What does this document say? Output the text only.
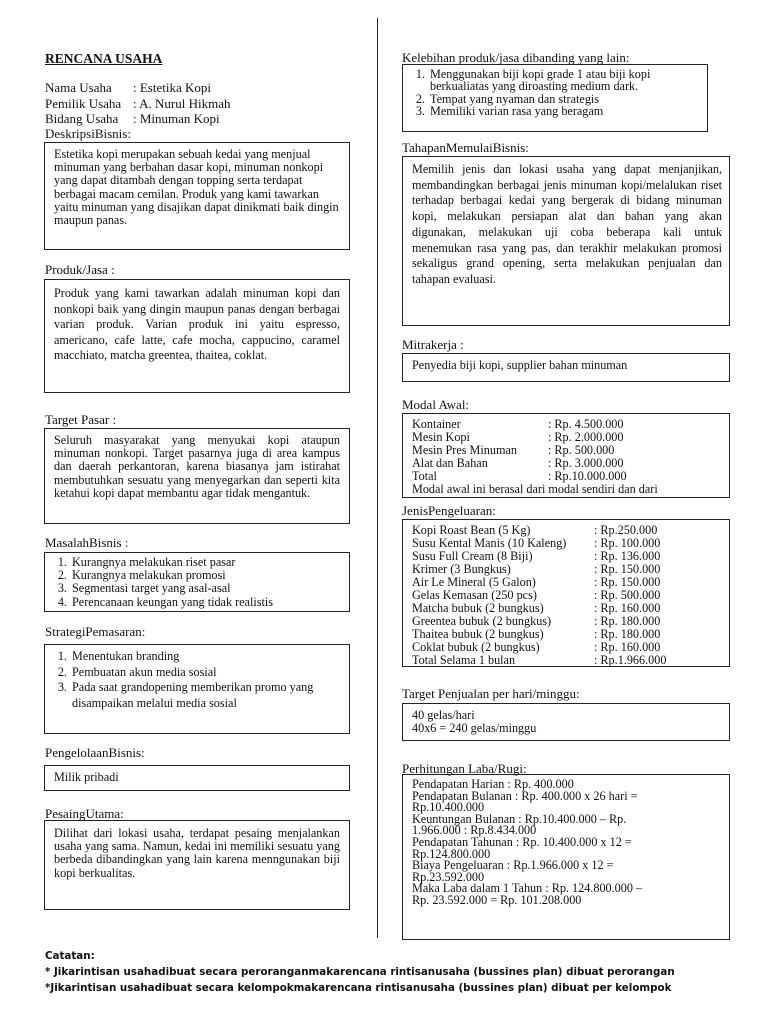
RENCANA USAHA
Nama Usaha : Estetika Kopi
Pemilik Usaha : A. Nurul Hikmah
Bidang Usaha : Minuman Kopi
DeskripsiBisnis:
Estetika kopi merupakan sebuah kedai yang menjual minuman yang berbahan dasar kopi, minuman nonkopi yang dapat ditambah dengan topping serta terdapat berbagai macam cemilan. Produk yang kami tawarkan yaitu minuman yang disajikan dapat dinikmati baik dingin maupun panas.
Produk/Jasa :
Produk yang kami tawarkan adalah minuman kopi dan nonkopi baik yang dingin maupun panas dengan berbagai varian produk. Varian produk ini yaitu espresso, americano, cafe latte, cafe mocha, cappucino, caramel macchiato, matcha greentea, thaitea, coklat.
Target Pasar :
Seluruh masyarakat yang menyukai kopi ataupun minuman nonkopi. Target pasarnya juga di area kampus dan daerah perkantoran, karena biasanya jam istirahat membutuhkan sesuatu yang menyegarkan dan seperti kita ketahui kopi dapat membantu agar tidak mengantuk.
MasalahBisnis :
1. Kurangnya melakukan riset pasar
2. Kurangnya melakukan promosi
3. Segmentasi target yang asal-asal
4. Perencanaan keungan yang tidak realistis
StrategiPemasaran:
1. Menentukan branding
2. Pembuatan akun media sosial
3. Pada saat grandopening memberikan promo yang disampaikan melalui media sosial
PengelolaanBisnis:
Milik pribadi
PesaingUtama:
Dilihat dari lokasi usaha, terdapat pesaing menjalankan usaha yang sama. Namun, kedai ini memiliki sesuatu yang berbeda dibandingkan yang lain karena menngunakan biji kopi berkualitas.
Kelebihan produk/jasa dibanding yang lain:
1. Menggunakan biji kopi grade 1 atau biji kopi berkualiatas yang diroasting medium dark.
2. Tempat yang nyaman dan strategis
3. Memiliki varian rasa yang beragam
TahapanMemulaiBisnis:
Memilih jenis dan lokasi usaha yang dapat menjanjikan, membandingkan berbagai jenis minuman kopi/melalukan riset terhadap berbagai kedai yang bergerak di bidang minuman kopi, melakukan persiapan alat dan bahan yang akan digunakan, melakukan uji coba beberapa kali untuk menemukan rasa yang pas, dan terakhir melakukan promosi sekaligus grand opening, serta melakukan penjualan dan tahapan evaluasi.
Mitrakerja :
Penyedia biji kopi, supplier bahan minuman
Modal Awal:
Kontainer	: Rp. 4.500.000
Mesin Kopi	: Rp. 2.000.000
Mesin Pres Minuman	: Rp. 500.000
Alat dan Bahan	: Rp. 3.000.000
Total	: Rp.10.000.000
Modal awal ini berasal dari modal sendiri dan dari
JenisPengeluaran:
Kopi Roast Bean (5 Kg)	: Rp.250.000
Susu Kental Manis (10 Kaleng)	: Rp. 100.000
Susu Full Cream (8 Biji)	: Rp. 136.000
Krimer (3 Bungkus)	: Rp. 150.000
Air Le Mineral (5 Galon)	: Rp. 150.000
Gelas Kemasan (250 pcs)	: Rp. 500.000
Matcha bubuk (2 bungkus)	: Rp. 160.000
Greentea bubuk (2 bungkus)	: Rp. 180.000
Thaitea bubuk (2 bungkus)	: Rp. 180.000
Coklat bubuk (2 bungkus)	: Rp. 160.000
Total Selama 1 bulan	: Rp.1.966.000
Target Penjualan per hari/minggu:
40 gelas/hari
40x6 = 240 gelas/minggu
Perhitungan Laba/Rugi:
Pendapatan Harian : Rp. 400.000
Pendapatan Bulanan : Rp. 400.000 x 26 hari =
Rp.10.400.000
Keuntungan Bulanan : Rp.10.400.000 – Rp.
1.966.000 : Rp.8.434.000
Pendapatan Tahunan : Rp. 10.400.000 x 12 =
Rp.124.800.000
Biaya Pengeluaran : Rp.1.966.000 x 12 =
Rp.23.592.000
Maka Laba dalam 1 Tahun : Rp. 124.800.000 –
Rp. 23.592.000 = Rp. 101.208.000
Catatan:
* Jikarintisan usahadibuat secara peroranganmakarencana rintisanusaha (bussines plan) dibuat perorangan
*Jikarintisan usahadibuat secara kelompokmakarencana rintisanusaha (bussines plan) dibuat per kelompok
